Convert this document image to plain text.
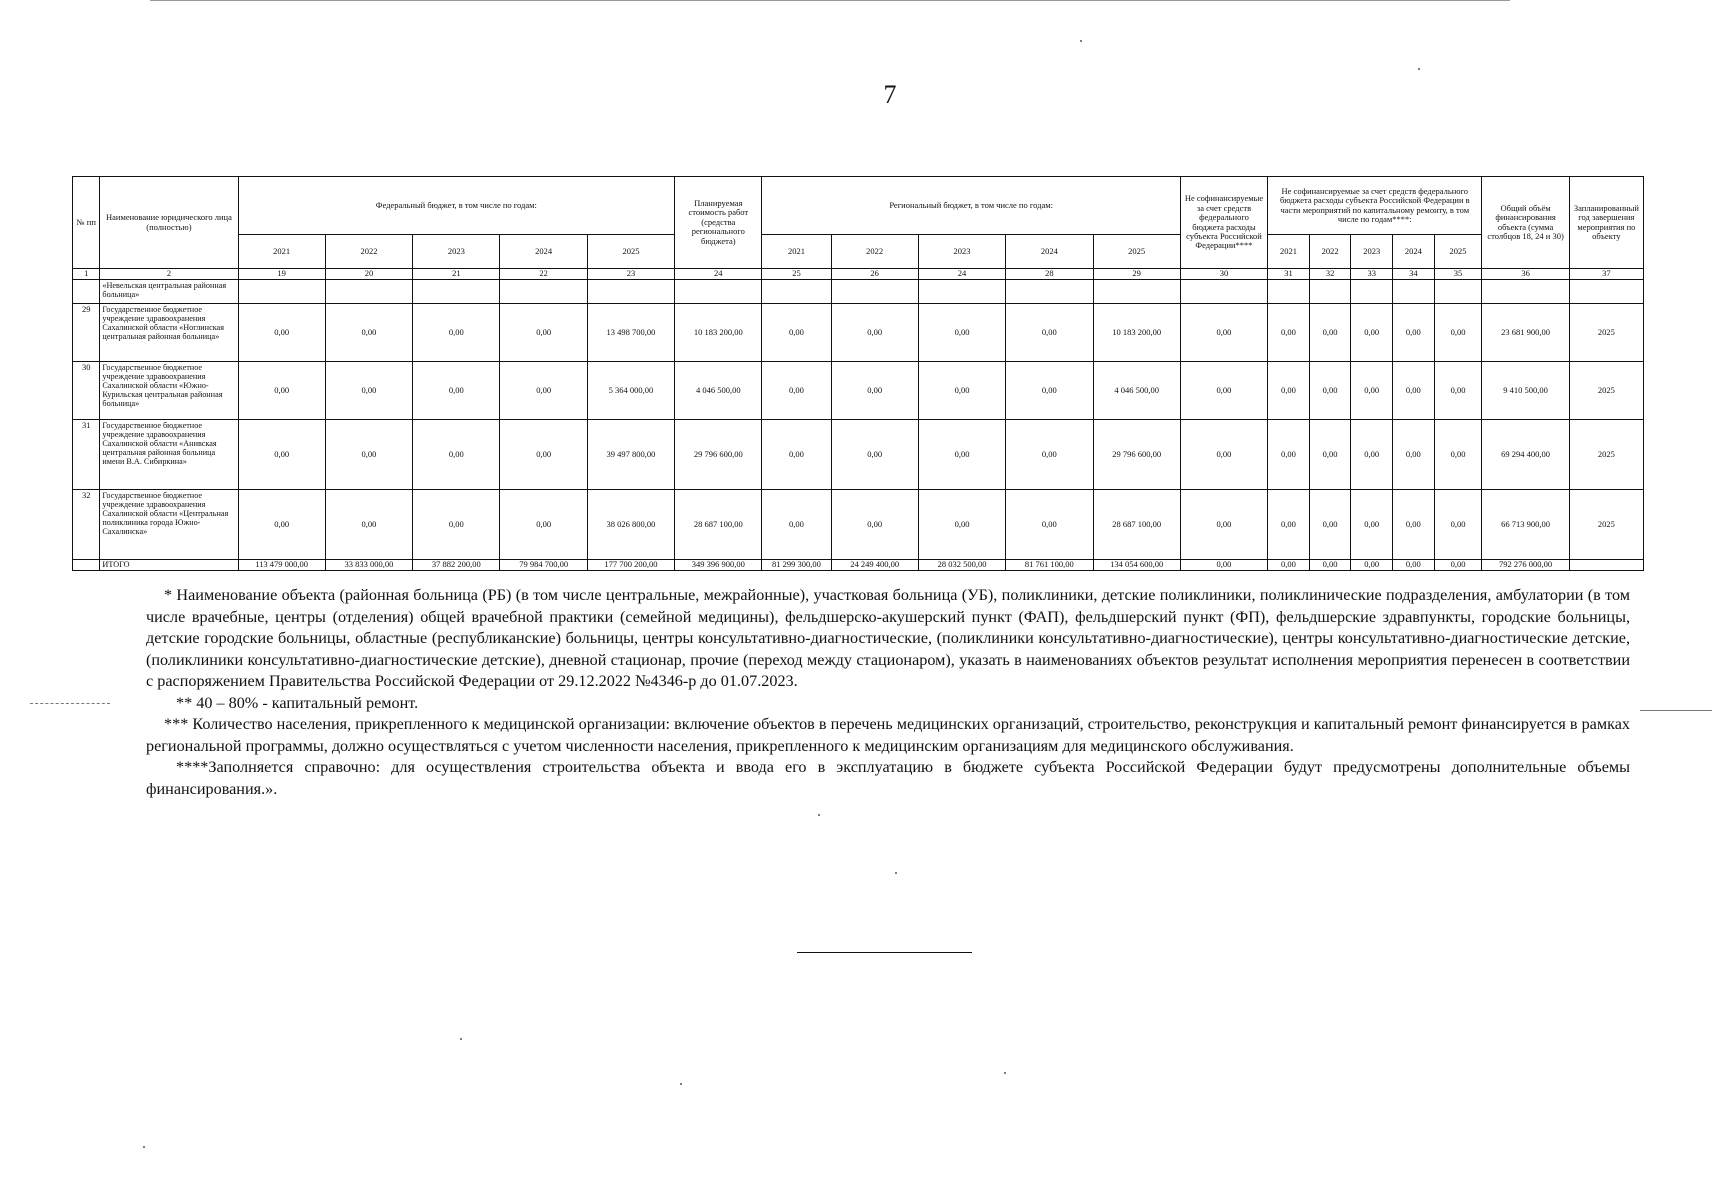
7
№ пп	Наименование юридического лица (полностью)	Федеральный бюджет, в том числе по годам:					Планируемая стоимость работ (средства регионального бюджета)	Региональный бюджет, в том числе по годам:					Не софинансируемые за счет средств федерального бюджета расходы субъекта Российской Федерации****	Не софинансируемые за счет средств федерального бюджета расходы субъекта Российской Федерации в части мероприятий по капитальному ремонту, в том числе по годам****:					Общий объём финансирования объекта (сумма столбцов 18, 24 и 30)	Запланированный год завершения мероприятия по объекту
		2021	2022	2023	2024	2025		2021	2022	2023	2024	2025		2021	2022	2023	2024	2025		
1	2	19	20	21	22	23	24	25	26	24	28	29	30	31	32	33	34	35	36	37
	«Невельская центральная районная больница»																			
29	Государственное бюджетное учреждение здравоохранения Сахалинской области «Ноглинская центральная районная больница»	0,00	0,00	0,00	0,00	13 498 700,00	10 183 200,00	0,00	0,00	0,00	0,00	10 183 200,00	0,00	0,00	0,00	0,00	0,00	0,00	23 681 900,00	2025
30	Государственное бюджетное учреждение здравоохранения Сахалинской области «Южно-Курильская центральная районная больница»	0,00	0,00	0,00	0,00	5 364 000,00	4 046 500,00	0,00	0,00	0,00	0,00	4 046 500,00	0,00	0,00	0,00	0,00	0,00	0,00	9 410 500,00	2025
31	Государственное бюджетное учреждение здравоохранения Сахалинской области «Анивская центральная районная больница имени В.А. Сибиркина»	0,00	0,00	0,00	0,00	39 497 800,00	29 796 600,00	0,00	0,00	0,00	0,00	29 796 600,00	0,00	0,00	0,00	0,00	0,00	0,00	69 294 400,00	2025
32	Государственное бюджетное учреждение здравоохранения Сахалинской области «Центральная поликлиника города Южно-Сахалинска»	0,00	0,00	0,00	0,00	38 026 800,00	28 687 100,00	0,00	0,00	0,00	0,00	28 687 100,00	0,00	0,00	0,00	0,00	0,00	0,00	66 713 900,00	2025
	ИТОГО	113 479 000,00	33 833 000,00	37 882 200,00	79 984 700,00	177 700 200,00	349 396 900,00	81 299 300,00	24 249 400,00	28 032 500,00	81 761 100,00	134 054 600,00	0,00	0,00	0,00	0,00	0,00	0,00	792 276 000,00	

* Наименование объекта (районная больница (РБ) (в том числе центральные, межрайонные), участковая больница (УБ), поликлиники, детские поликлиники, поликлинические подразделения, амбулатории (в том числе врачебные, центры (отделения) общей врачебной практики (семейной медицины), фельдшерско-акушерский пункт (ФАП), фельдшерский пункт (ФП), фельдшерские здравпункты, городские больницы, детские городские больницы, областные (республиканские) больницы, центры консультативно-диагностические, (поликлиники консультативно-диагностические), центры консультативно-диагностические детские, (поликлиники консультативно-диагностические детские), дневной стационар, прочие (переход между стационаром), указать в наименованиях объектов результат исполнения мероприятия перенесен в соответствии с распоряжением Правительства Российской Федерации от 29.12.2022 №4346-р до 01.07.2023.

** 40 – 80% - капитальный ремонт.

*** Количество населения, прикрепленного к медицинской организации: включение объектов в перечень медицинских организаций, строительство, реконструкция и капитальный ремонт финансируется в рамках региональной программы, должно осуществляться с учетом численности населения, прикрепленного к медицинским организациям для медицинского обслуживания.

****Заполняется справочно: для осуществления строительства объекта и ввода его в эксплуатацию в бюджете субъекта Российской Федерации будут предусмотрены дополнительные объемы финансирования.».
